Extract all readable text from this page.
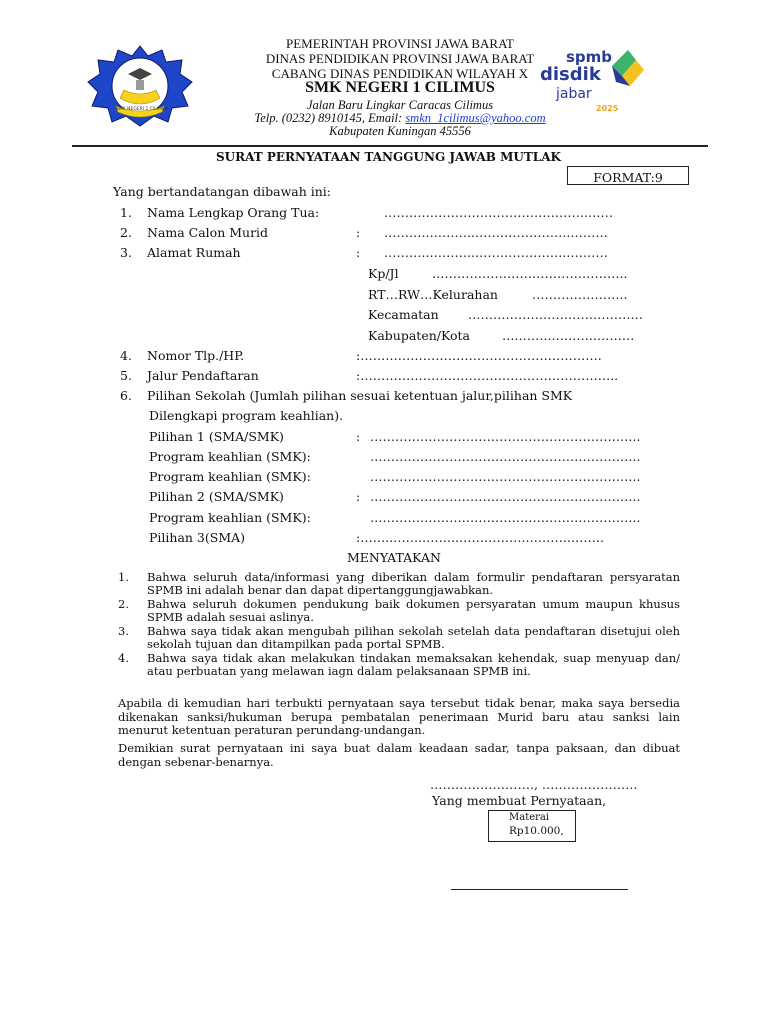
BISPAK
SMK NEGERI 1 CILIMUS
PEMERINTAH PROVINSI JAWA BARAT
DINAS PENDIDIKAN PROVINSI JAWA BARAT
CABANG DINAS PENDIDIKAN WILAYAH X
SMK NEGERI 1 CILIMUS
Jalan Baru Lingkar Caracas Cilimus
Telp. (0232) 8910145, Email: smkn_1cilimus@yahoo.com
Kabupaten Kuningan 45556
spmb
disdik
jabar
2025
SURAT PERNYATAAN TANGGUNG JAWAB MUTLAK
FORMAT:9
Yang bertandatangan dibawah ini:
1. Nama Lengkap Orang Tua:	………………………………………….……
2. Nama Calon Murid	: ………..………..…………………..………
3. Alamat Rumah	: ………..………..…………………..………
Kp/Jl	………………………………………..
RT…RW…Kelurahan	…………………..
Kecamatan ……………………………………
Kabupaten/Kota	….……..………..………
4. Nomor Tlp./HP.	:………………………………………………….
5. Jalur Pendaftaran	:……………………………………………………..
6. Pilihan Sekolah (Jumlah pilihan sesuai ketentuan jalur,pilihan SMK
Dilengkapi program keahlian).
Pilihan 1 (SMA/SMK)	: ………………………………………………………..
Program keahlian (SMK):	………………………………………………………..
Program keahlian (SMK):	………………………………………………………..
Pilihan 2 (SMA/SMK)	: ………………………………………………………..
Program keahlian (SMK):	………………………………………………………..
Pilihan 3(SMA)	:……..……..……..……………..………..…….
MENYATAKAN
1. Bahwa seluruh data/informasi yang diberikan dalam formulir pendaftaran persyaratan SPMB ini adalah benar dan dapat dipertanggungjawabkan.
2. Bahwa seluruh dokumen pendukung baik dokumen persyaratan umum maupun khusus SPMB adalah sesuai aslinya.
3. Bahwa saya tidak akan mengubah pilihan sekolah setelah data pendaftaran disetujui oleh sekolah tujuan dan ditampilkan pada portal SPMB.
4. Bahwa saya tidak akan melakukan tindakan memaksakan kehendak, suap menyuap dan/ atau perbuatan yang melawan iagn dalam pelaksanaan SPMB ini.
Apabila di kemudian hari terbukti pernyataan saya tersebut tidak benar, maka saya bersedia dikenakan sanksi/hukuman berupa pembatalan penerimaan Murid baru atau sanksi lain menurut ketentuan peraturan perundang-undangan.
Demikian surat pernyataan ini saya buat dalam keadaan sadar, tanpa paksaan, dan dibuat dengan sebenar-benarnya.
……………………., …………………..
Yang membuat Pernyataan,
Materai
Rp10.000,
